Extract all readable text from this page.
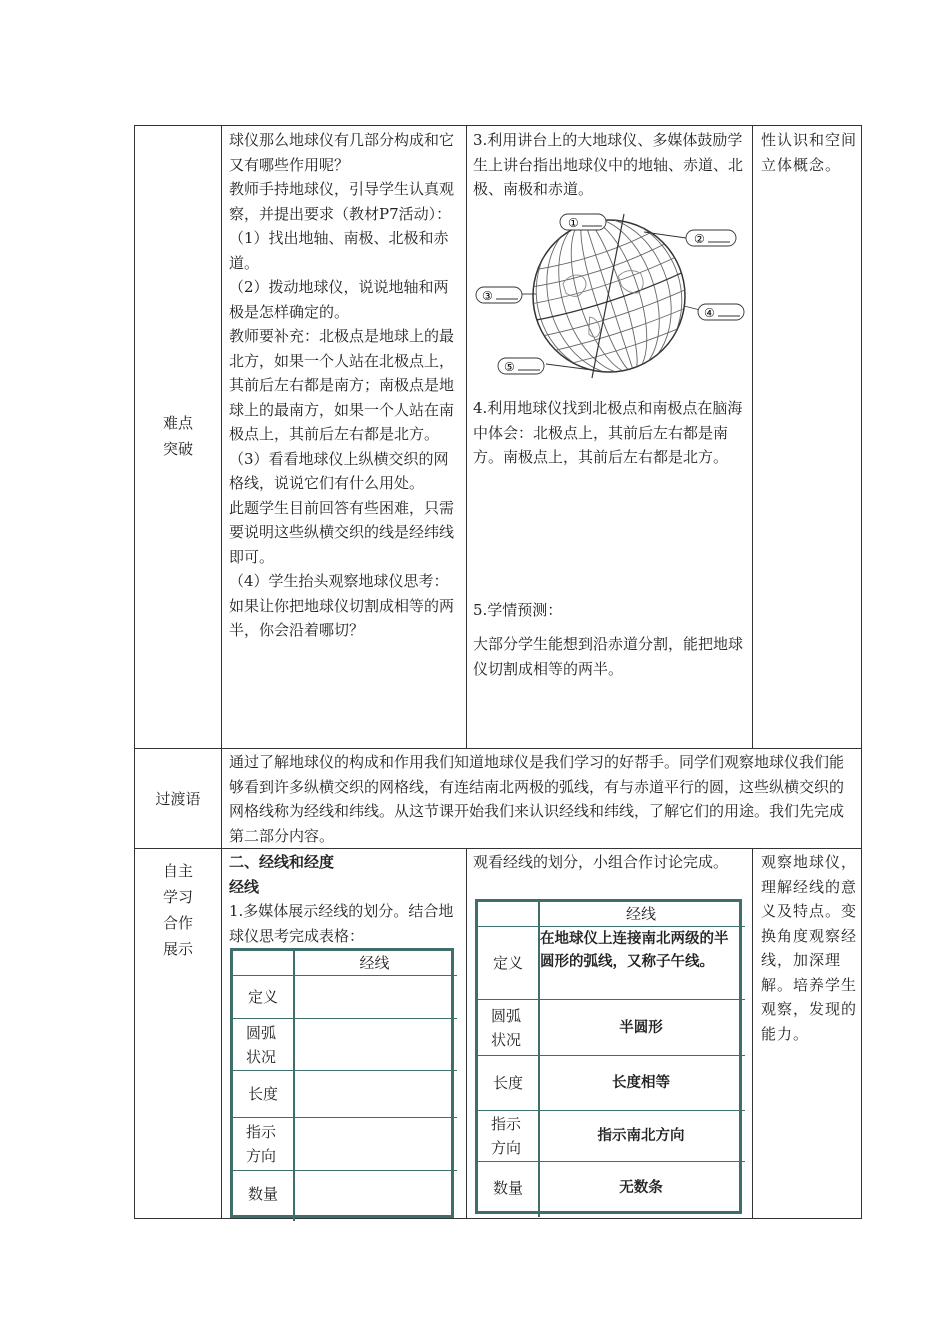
难点
突破

球仪那么地球仪有几部分构成和它又有哪些作用呢？

教师手持地球仪，引导学生认真观察，并提出要求（教材P7活动）：

（1）找出地轴、南极、北极和赤道。

（2）拨动地球仪，说说地轴和两极是怎样确定的。

教师要补充：北极点是地球上的最北方，如果一个人站在北极点上，其前后左右都是南方；南极点是地球上的最南方，如果一个人站在南极点上，其前后左右都是北方。

（3）看看地球仪上纵横交织的网格线，说说它们有什么用处。

此题学生目前回答有些困难，只需要说明这些纵横交织的线是经纬线即可。

（4）学生抬头观察地球仪思考：

如果让你把地球仪切割成相等的两半，你会沿着哪切？

3.利用讲台上的大地球仪、多媒体鼓励学生上讲台指出地球仪中的地轴、赤道、北极、南极和赤道。

①
②
③
④
⑤

4.利用地球仪找到北极点和南极点在脑海中体会：北极点上，其前后左右都是南方。南极点上，其前后左右都是北方。

5.学情预测：

大部分学生能想到沿赤道分割，能把地球仪切割成相等的两半。

性认识和空间立体概念。

过渡语
通过了解地球仪的构成和作用我们知道地球仪是我们学习的好帮手。同学们观察地球仪我们能够看到许多纵横交织的网格线，有连结南北两极的弧线，有与赤道平行的圆，这些纵横交织的网格线称为经线和纬线。从这节课开始我们来认识经线和纬线，了解它们的用途。我们先完成第二部分内容。
自主
学习
合作
展示

二、经线和经度

经线

1.多媒体展示经线的划分。结合地球仪思考完成表格：

经线
定义
圆弧状况
长度
指示方向
数量
观看经线的划分，小组合作讨论完成。
经线
定义
在地球仪上连接南北两级的半圆形的弧线，又称子午线。
圆弧状况
半圆形
长度	长度相等
指示方向
指示南北方向
数量	无数条
观察地球仪，理解经线的意义及特点。变换角度观察经线，加深理解。培养学生观察，发现的能力。
